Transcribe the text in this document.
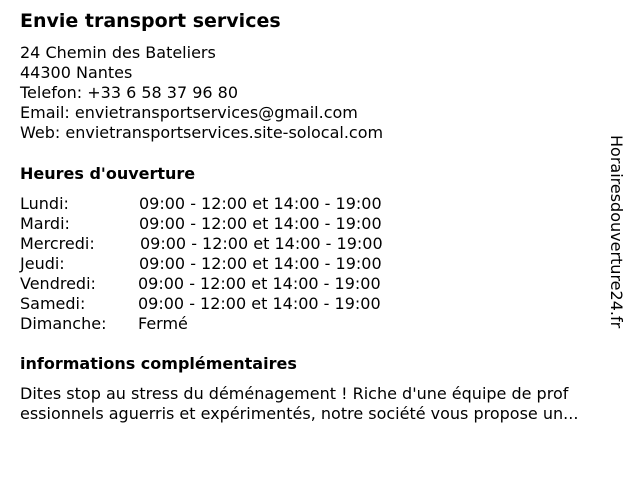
Envie transport services
24 Chemin des Bateliers
44300 Nantes
Telefon: +33 6 58 37 96 80
Email: envietransportservices@gmail.com
Web: envietransportservices.site-solocal.com
Heures d'ouverture
Lundi:	09:00 - 12:00 et 14:00 - 19:00
Mardi:	09:00 - 12:00 et 14:00 - 19:00
Mercredi:	09:00 - 12:00 et 14:00 - 19:00
Jeudi:	09:00 - 12:00 et 14:00 - 19:00
Vendredi:	09:00 - 12:00 et 14:00 - 19:00
Samedi:	09:00 - 12:00 et 14:00 - 19:00
Dimanche: Fermé
informations complémentaires
Dites stop au stress du déménagement ! Riche d'une équipe de prof
essionnels aguerris et expérimentés, notre société vous propose un...
Horairesdouverture24.fr
